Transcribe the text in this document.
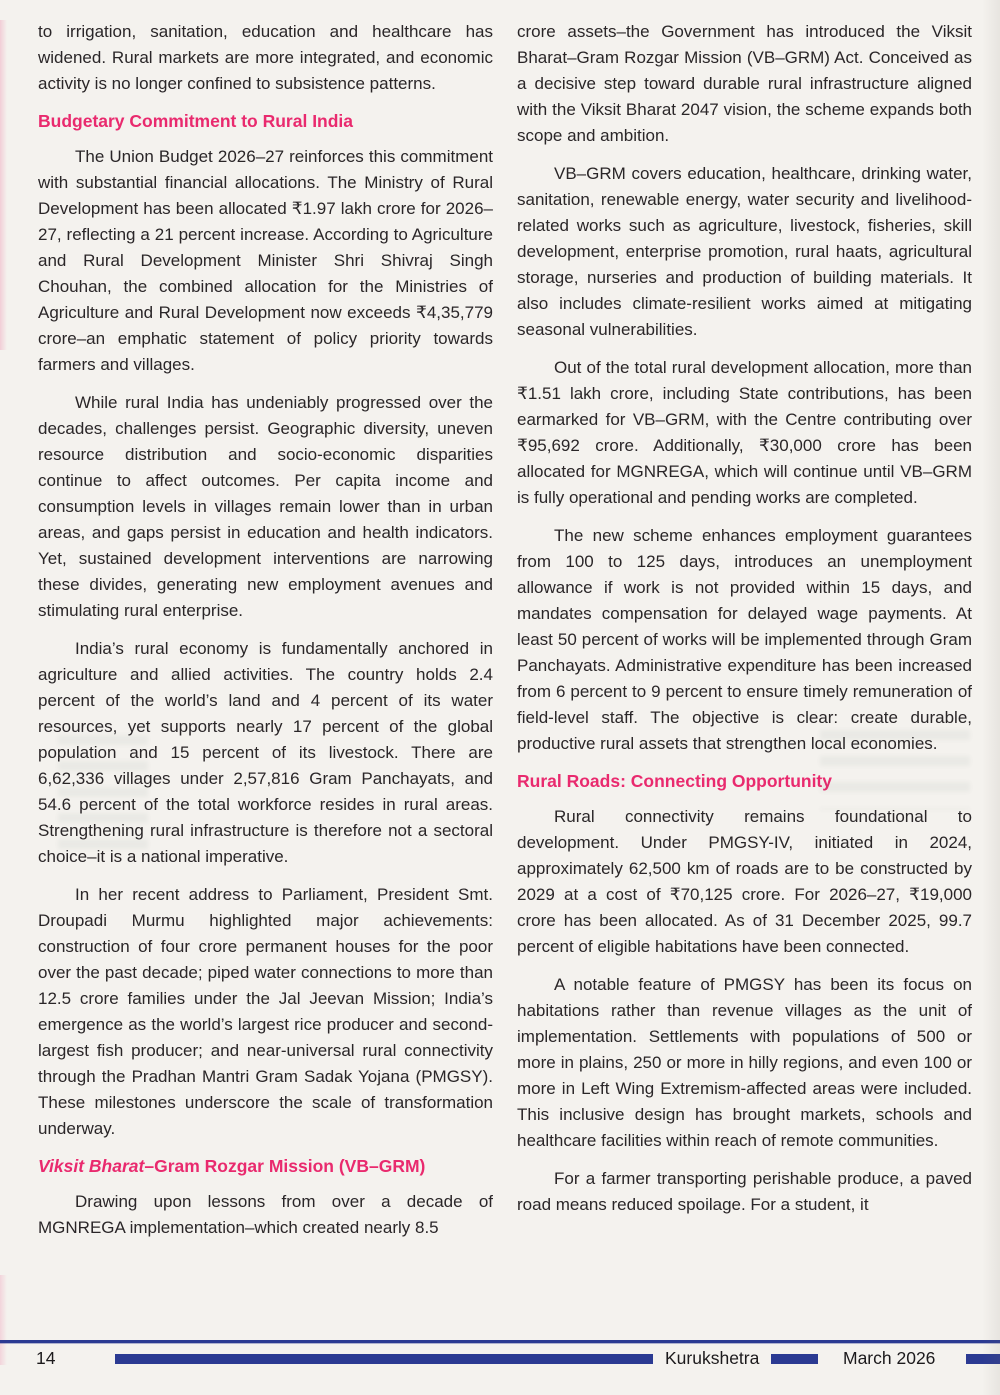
to irrigation, sanitation, education and healthcare has widened. Rural markets are more integrated, and economic activity is no longer confined to subsistence patterns.

Budgetary Commitment to Rural India

The Union Budget 2026–27 reinforces this commitment with substantial financial allocations. The Ministry of Rural Development has been allocated ₹1.97 lakh crore for 2026–27, reflecting a 21 percent increase. According to Agriculture and Rural Development Minister Shri Shivraj Singh Chouhan, the combined allocation for the Ministries of Agriculture and Rural Development now exceeds ₹4,35,779 crore–an emphatic statement of policy priority towards farmers and villages.

While rural India has undeniably progressed over the decades, challenges persist. Geographic diversity, uneven resource distribution and socio-economic disparities continue to affect outcomes. Per capita income and consumption levels in villages remain lower than in urban areas, and gaps persist in education and health indicators. Yet, sustained development interventions are narrowing these divides, generating new employment avenues and stimulating rural enterprise.

India’s rural economy is fundamentally anchored in agriculture and allied activities. The country holds 2.4 percent of the world’s land and 4 percent of its water resources, yet supports nearly 17 percent of the global population and 15 percent of its livestock. There are 6,62,336 villages under 2,57,816 Gram Panchayats, and 54.6 percent of the total workforce resides in rural areas. Strengthening rural infrastructure is therefore not a sectoral choice–it is a national imperative.

In her recent address to Parliament, President Smt. Droupadi Murmu highlighted major achievements: construction of four crore permanent houses for the poor over the past decade; piped water connections to more than 12.5 crore families under the Jal Jeevan Mission; India’s emergence as the world’s largest rice producer and second-largest fish producer; and near-universal rural connectivity through the Pradhan Mantri Gram Sadak Yojana (PMGSY). These milestones underscore the scale of transformation underway.

Viksit Bharat–Gram Rozgar Mission (VB–GRM)

Drawing upon lessons from over a decade of MGNREGA implementation–which created nearly 8.5

crore assets–the Government has introduced the Viksit Bharat–Gram Rozgar Mission (VB–GRM) Act. Conceived as a decisive step toward durable rural infrastructure aligned with the Viksit Bharat 2047 vision, the scheme expands both scope and ambition.

VB–GRM covers education, healthcare, drinking water, sanitation, renewable energy, water security and livelihood-related works such as agriculture, livestock, fisheries, skill development, enterprise promotion, rural haats, agricultural storage, nurseries and production of building materials. It also includes climate-resilient works aimed at mitigating seasonal vulnerabilities.

Out of the total rural development allocation, more than ₹1.51 lakh crore, including State contributions, has been earmarked for VB–GRM, with the Centre contributing over ₹95,692 crore. Additionally, ₹30,000 crore has been allocated for MGNREGA, which will continue until VB–GRM is fully operational and pending works are completed.

The new scheme enhances employment guarantees from 100 to 125 days, introduces an unemployment allowance if work is not provided within 15 days, and mandates compensation for delayed wage payments. At least 50 percent of works will be implemented through Gram Panchayats. Administrative expenditure has been increased from 6 percent to 9 percent to ensure timely remuneration of field-level staff. The objective is clear: create durable, productive rural assets that strengthen local economies.

Rural Roads: Connecting Opportunity

Rural connectivity remains foundational to development. Under PMGSY-IV, initiated in 2024, approximately 62,500 km of roads are to be constructed by 2029 at a cost of ₹70,125 crore. For 2026–27, ₹19,000 crore has been allocated. As of 31 December 2025, 99.7 percent of eligible habitations have been connected.

A notable feature of PMGSY has been its focus on habitations rather than revenue villages as the unit of implementation. Settlements with populations of 500 or more in plains, 250 or more in hilly regions, and even 100 or more in Left Wing Extremism-affected areas were included. This inclusive design has brought markets, schools and healthcare facilities within reach of remote communities.

For a farmer transporting perishable produce, a paved road means reduced spoilage. For a student, it

14	Kurukshetra	March 2026
